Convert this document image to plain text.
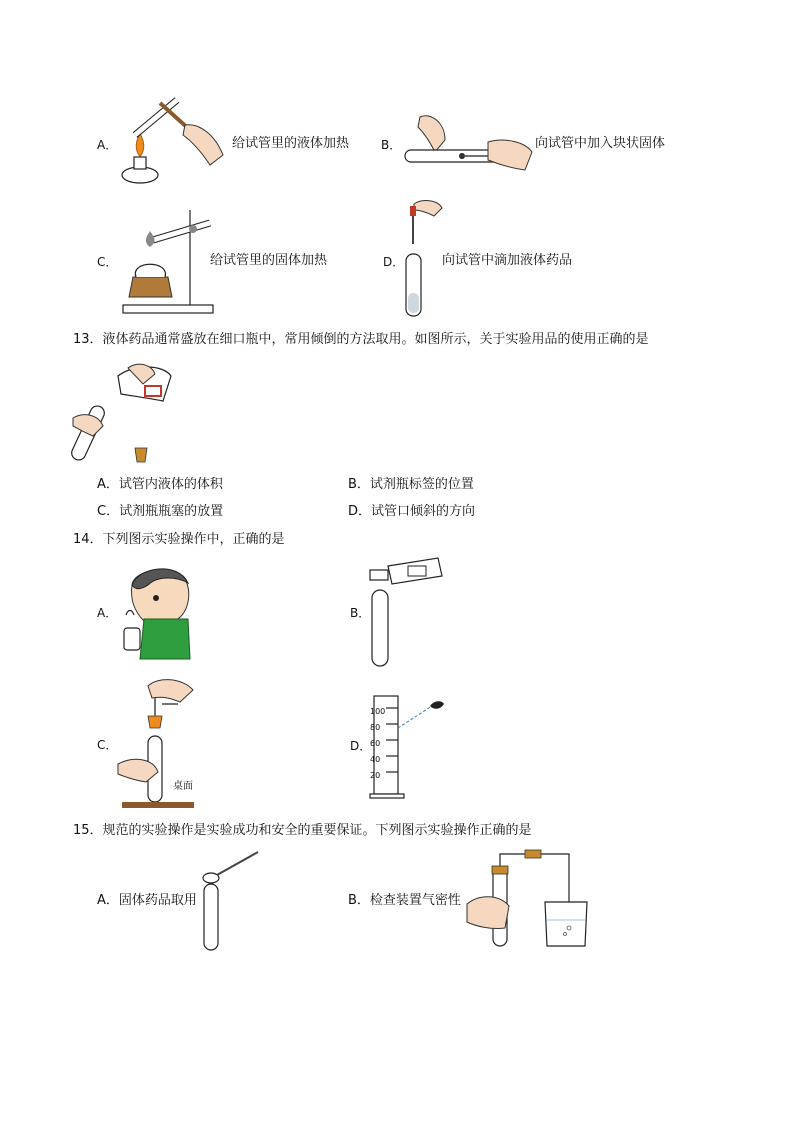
A．	给试管里的液体加热	B．	向试管中加入块状固体
C．	给试管里的固体加热	D．	向试管中滴加液体药品
13．液体药品通常盛放在细口瓶中，常用倾倒的方法取用。如图所示，关于实验用品的使用正确的是
A．试管内液体的体积	B．试剂瓶标签的位置
C．试剂瓶瓶塞的放置	D．试管口倾斜的方向
14．下列图示实验操作中，正确的是
A．	B．
C．
桌面
D．
100
80
60
40
20
15．规范的实验操作是实验成功和安全的重要保证。下列图示实验操作正确的是
A．固体药品取用	B．检查装置气密性
